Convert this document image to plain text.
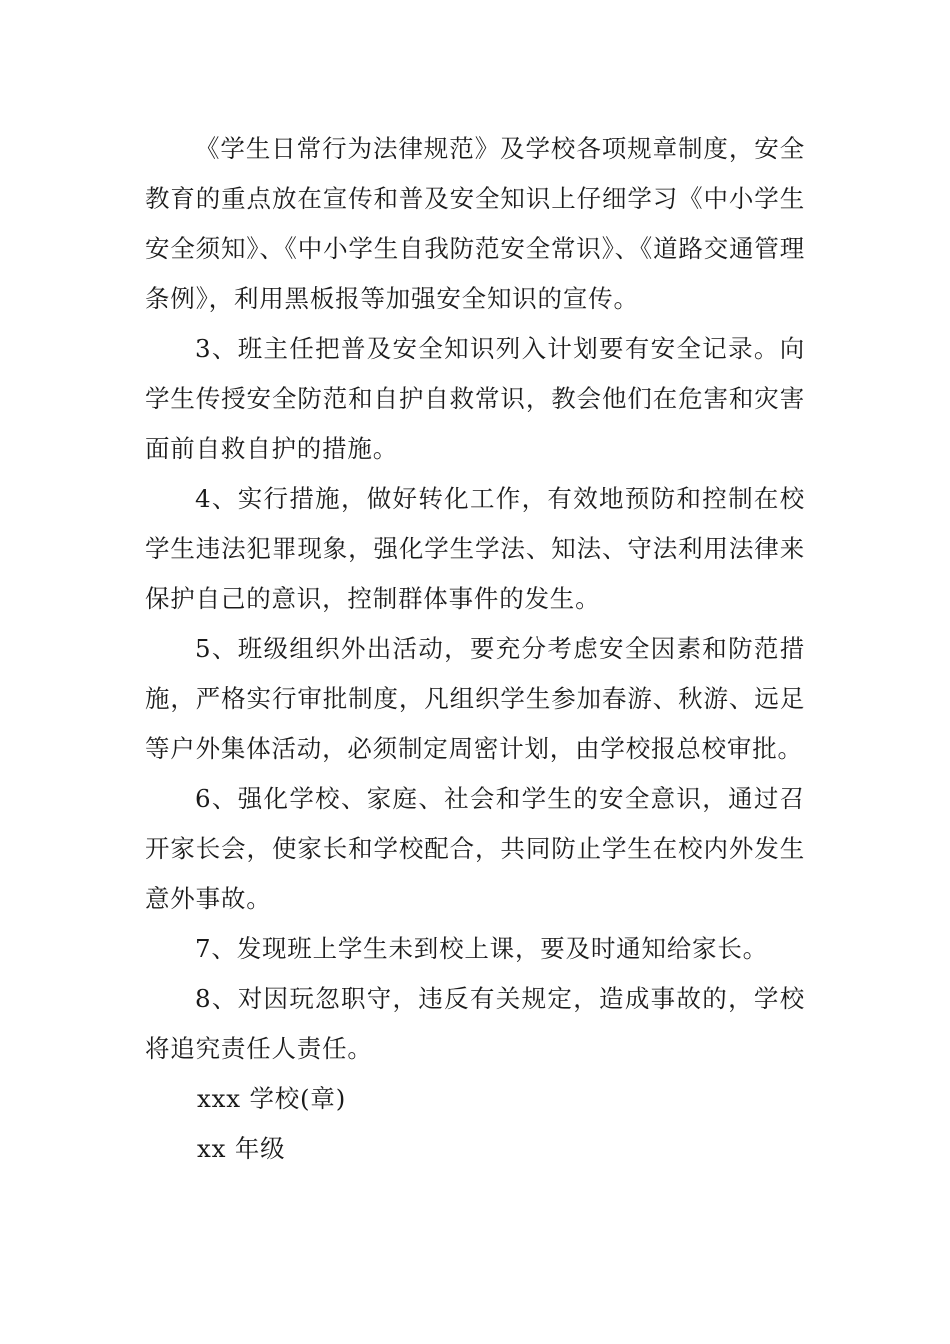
《学生日常行为法律规范》及学校各项规章制度，安全教育的重点放在宣传和普及安全知识上仔细学习《中小学生安全须知》、《中小学生自我防范安全常识》、《道路交通管理条例》，利用黑板报等加强安全知识的宣传。

3、班主任把普及安全知识列入计划要有安全记录。向学生传授安全防范和自护自救常识，教会他们在危害和灾害面前自救自护的措施。

4、实行措施，做好转化工作，有效地预防和控制在校学生违法犯罪现象，强化学生学法、知法、守法利用法律来保护自己的意识，控制群体事件的发生。

5、班级组织外出活动，要充分考虑安全因素和防范措施，严格实行审批制度，凡组织学生参加春游、秋游、远足等户外集体活动，必须制定周密计划，由学校报总校审批。

6、强化学校、家庭、社会和学生的安全意识，通过召开家长会，使家长和学校配合，共同防止学生在校内外发生意外事故。

7、发现班上学生未到校上课，要及时通知给家长。

8、对因玩忽职守，违反有关规定，造成事故的，学校将追究责任人责任。

xxx 学校(章)

xx 年级
